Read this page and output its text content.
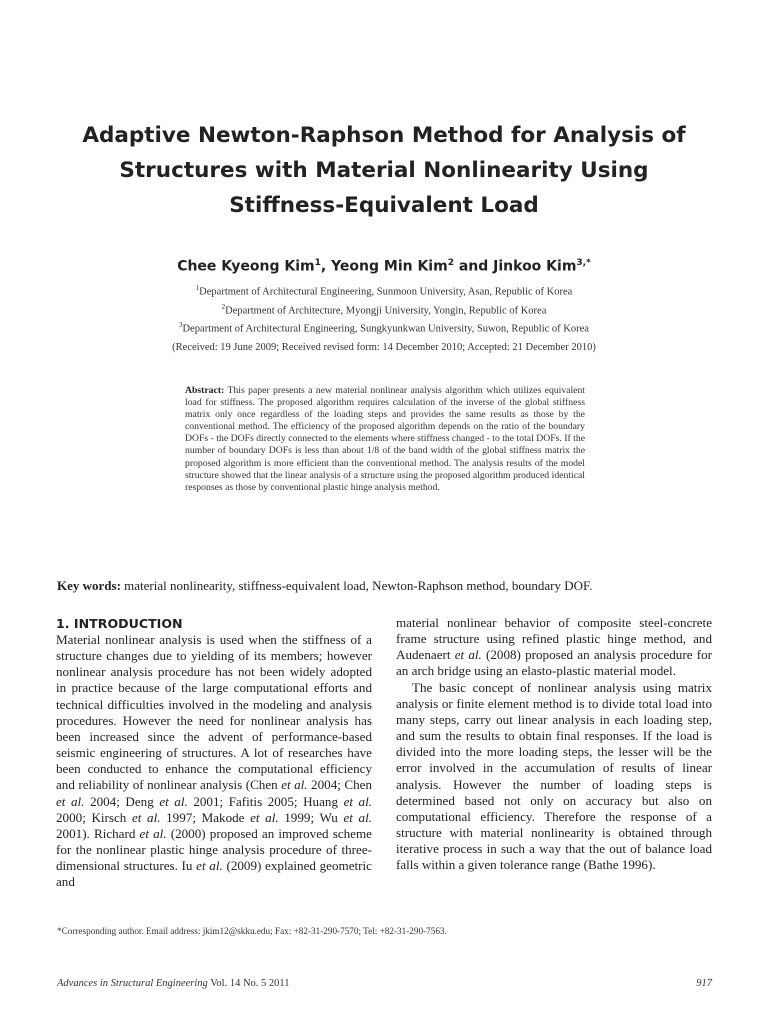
Adaptive Newton-Raphson Method for Analysis of
Structures with Material Nonlinearity Using
Stiffness-Equivalent Load
Chee Kyeong Kim$^1$, Yeong Min Kim$^2$ and Jinkoo Kim$^{3,*}$
$^1$Department of Architectural Engineering, Sunmoon University, Asan, Republic of Korea
$^2$Department of Architecture, Myongji University, Yongin, Republic of Korea
$^3$Department of Architectural Engineering, Sungkyunkwan University, Suwon, Republic of Korea
(Received: 19 June 2009; Received revised form: 14 December 2010; Accepted: 21 December 2010)

Abstract: This paper presents a new material nonlinear analysis algorithm which utilizes equivalent load for stiffness. The proposed algorithm requires calculation of the inverse of the global stiffness matrix only once regardless of the loading steps and provides the same results as those by the conventional method. The efficiency of the proposed algorithm depends on the ratio of the boundary DOFs - the DOFs directly connected to the elements where stiffness changed - to the total DOFs. If the number of boundary DOFs is less than about 1/8 of the band width of the global stiffness matrix the proposed algorithm is more efficient than the conventional method. The analysis results of the model structure showed that the linear analysis of a structure using the proposed algorithm produced identical responses as those by conventional plastic hinge analysis method.

Key words: material nonlinearity, stiffness-equivalent load, Newton-Raphson method, boundary DOF.
1. INTRODUCTION

Material nonlinear analysis is used when the stiffness of a structure changes due to yielding of its members; however nonlinear analysis procedure has not been widely adopted in practice because of the large computational efforts and technical difficulties involved in the modeling and analysis procedures. However the need for nonlinear analysis has been increased since the advent of performance-based seismic engineering of structures. A lot of researches have been conducted to enhance the computational efficiency and reliability of nonlinear analysis (Chen et al. 2004; Chen et al. 2004; Deng et al. 2001; Fafitis 2005; Huang et al. 2000; Kirsch et al. 1997; Makode et al. 1999; Wu et al. 2001). Richard et al. (2000) proposed an improved scheme for the nonlinear plastic hinge analysis procedure of three-dimensional structures. Iu et al. (2009) explained geometric and

material nonlinear behavior of composite steel-concrete frame structure using refined plastic hinge method, and Audenaert et al. (2008) proposed an analysis procedure for an arch bridge using an elasto-plastic material model.

The basic concept of nonlinear analysis using matrix analysis or finite element method is to divide total load into many steps, carry out linear analysis in each loading step, and sum the results to obtain final responses. If the load is divided into the more loading steps, the lesser will be the error involved in the accumulation of results of linear analysis. However the number of loading steps is determined based not only on accuracy but also on computational efficiency. Therefore the response of a structure with material nonlinearity is obtained through iterative process in such a way that the out of balance load falls within a given tolerance range (Bathe 1996).

*Corresponding author. Email address: jkim12@skku.edu; Fax: +82-31-290-7570; Tel: +82-31-290-7563.
Advances in Structural Engineering Vol. 14 No. 5 2011	917
